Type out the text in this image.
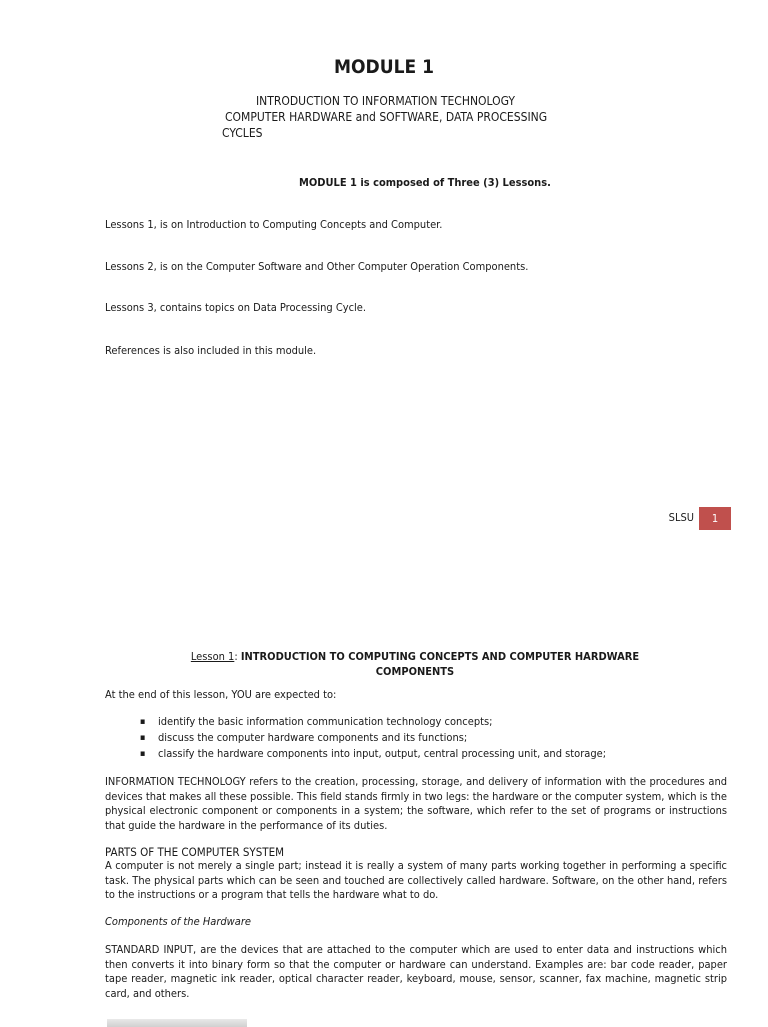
MODULE 1
INTRODUCTION TO INFORMATION TECHNOLOGY
COMPUTER HARDWARE and SOFTWARE, DATA PROCESSING
CYCLES
MODULE 1 is composed of Three (3) Lessons.
Lessons 1, is on Introduction to Computing Concepts and Computer.
Lessons 2, is on the Computer Software and Other Computer Operation Components.
Lessons 3, contains topics on Data Processing Cycle.
References is also included in this module.
SLSU 1
Lesson 1: INTRODUCTION TO COMPUTING CONCEPTS AND COMPUTER HARDWARE
COMPONENTS
At the end of this lesson, YOU are expected to:
▪ identify the basic information communication technology concepts;
▪ discuss the computer hardware components and its functions;
▪ classify the hardware components into input, output, central processing unit, and storage;
INFORMATION TECHNOLOGY refers to the creation, processing, storage, and delivery of information with the procedures and devices that makes all these possible. This field stands firmly in two legs: the hardware or the computer system, which is the physical electronic component or components in a system; the software, which refer to the set of programs or instructions that guide the hardware in the performance of its duties.
PARTS OF THE COMPUTER SYSTEM
A computer is not merely a single part; instead it is really a system of many parts working together in performing a specific task. The physical parts which can be seen and touched are collectively called hardware. Software, on the other hand, refers to the instructions or a program that tells the hardware what to do.
Components of the Hardware
STANDARD INPUT, are the devices that are attached to the computer which are used to enter data and instructions which then converts it into binary form so that the computer or hardware can understand. Examples are: bar code reader, paper tape reader, magnetic ink reader, optical character reader, keyboard, mouse, sensor, scanner, fax machine, magnetic strip card, and others.
